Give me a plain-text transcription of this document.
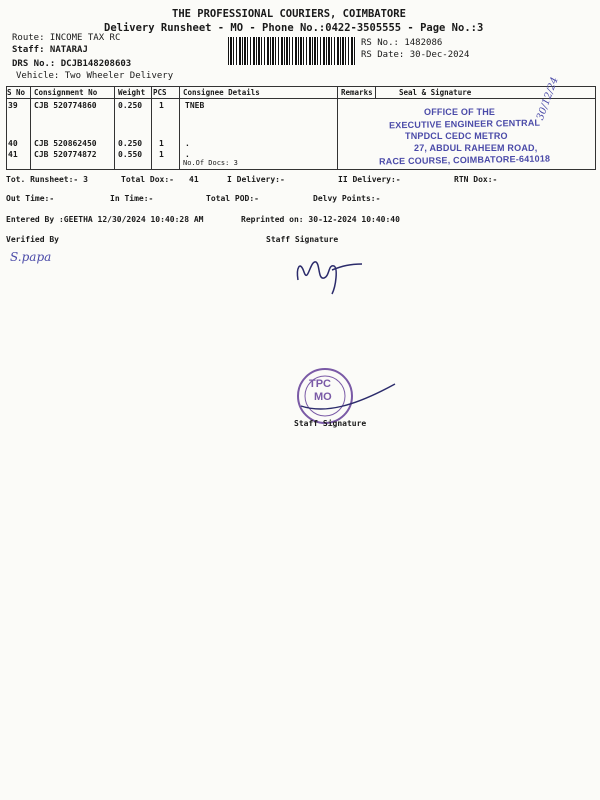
THE PROFESSIONAL COURIERS, COIMBATORE
Delivery Runsheet - MO - Phone No.:0422-3505555 - Page No.:3
Route: INCOME TAX RC
Staff: NATARAJ
DRS No.: DCJB148208603
Vehicle: Two Wheeler Delivery
RS No.: 1482086
RS Date: 30-Dec-2024
S No Consignment No	Weight PCS Consignee Details	Remarks	Seal & Signature
39 CJB 520774860	0.250 1	TNEB
40 CJB 520862450	0.250 1	.
41 CJB 520774872	0.550 1	.
No.Of Docs: 3
OFFICE OF THE
EXECUTIVE ENGINEER CENTRAL
TNPDCL CEDC METRO
27, ABDUL RAHEEM ROAD,
RACE COURSE, COIMBATORE-641018
30/12/24
Tot. Runsheet:- 3	Total Dox:- 41	I Delivery:-	II Delivery:-	RTN Dox:-
Out Time:-	In Time:-	Total POD:-	Delvy Points:-
Entered By :GEETHA 12/30/2024 10:40:28 AM	Reprinted on: 30-12-2024 10:40:40
Verified By	Staff Signature
S.papa
TPC
MO
Staff Signature
